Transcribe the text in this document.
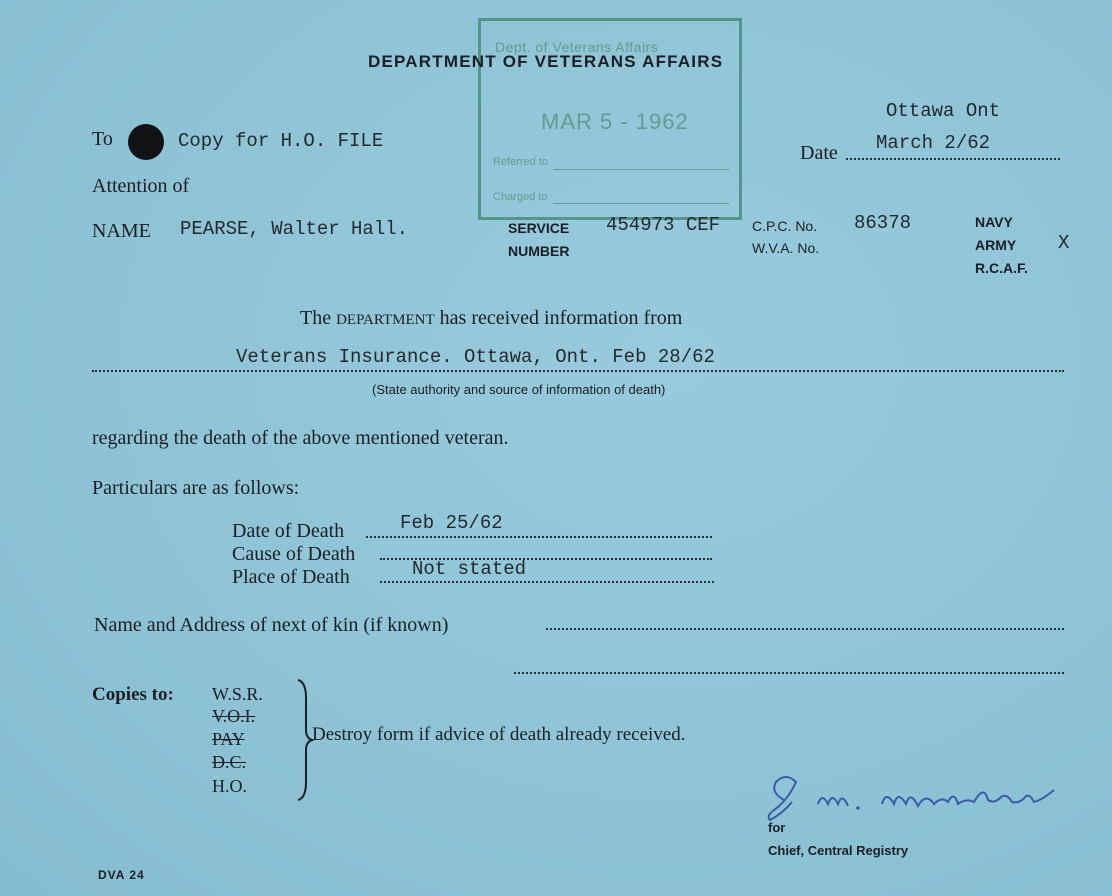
Dept. of Veterans Affairs
MAR 5 - 1962
Referred to
Charged to
DEPARTMENT OF VETERANS AFFAIRS
To	Copy for H.O. FILE
Attention of
NAME PEARSE, Walter Hall.
Ottawa Ont
Date March 2/62
SERVICE
NUMBER
454973 CEF C.P.C. No. 86378
W.V.A. No.
NAVY
ARMY X
R.C.A.F.
The DEPARTMENT has received information from
Veterans Insurance. Ottawa, Ont. Feb 28/62
(State authority and source of information of death)
regarding the death of the above mentioned veteran.
Particulars are as follows:
Date of Death	Feb 25/62
Cause of Death
Place of Death	Not stated
Name and Address of next of kin (if known)
Copies to: W.S.R.
V.O.I.
PAY
D.C.
H.O.
Destroy form if advice of death already received.
for
Chief, Central Registry
DVA 24
